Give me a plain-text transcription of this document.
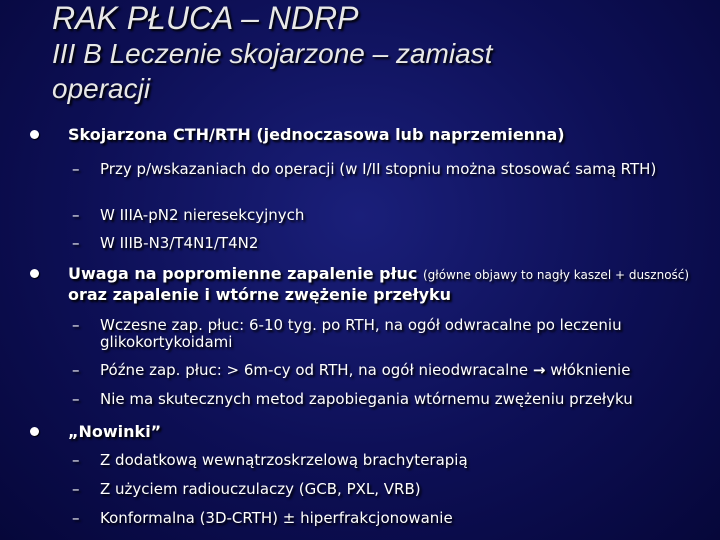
RAK PŁUCA – NDRP
III B Leczenie skojarzone – zamiast
operacji
Skojarzona CTH/RTH (jednoczasowa lub naprzemienna)
–	Przy p/wskazaniach do operacji (w I/II stopniu można stosować samą RTH)
–	W IIIA-pN2 nieresekcyjnych
–	W IIIB-N3/T4N1/T4N2
Uwaga na popromienne zapalenie płuc (główne objawy to nagły kaszel + duszność) oraz zapalenie i wtórne zwężenie przełyku
–	Wczesne zap. płuc: 6-10 tyg. po RTH, na ogół odwracalne po leczeniu glikokortykoidami
–	Późne zap. płuc: > 6m-cy od RTH, na ogół nieodwracalne → włóknienie
–	Nie ma skutecznych metod zapobiegania wtórnemu zwężeniu przełyku
„Nowinki”
–	Z dodatkową wewnątrzoskrzelową brachyterapią
–	Z użyciem radiouczulaczy (GCB, PXL, VRB)
–	Konformalna (3D-CRTH) ± hiperfrakcjonowanie
